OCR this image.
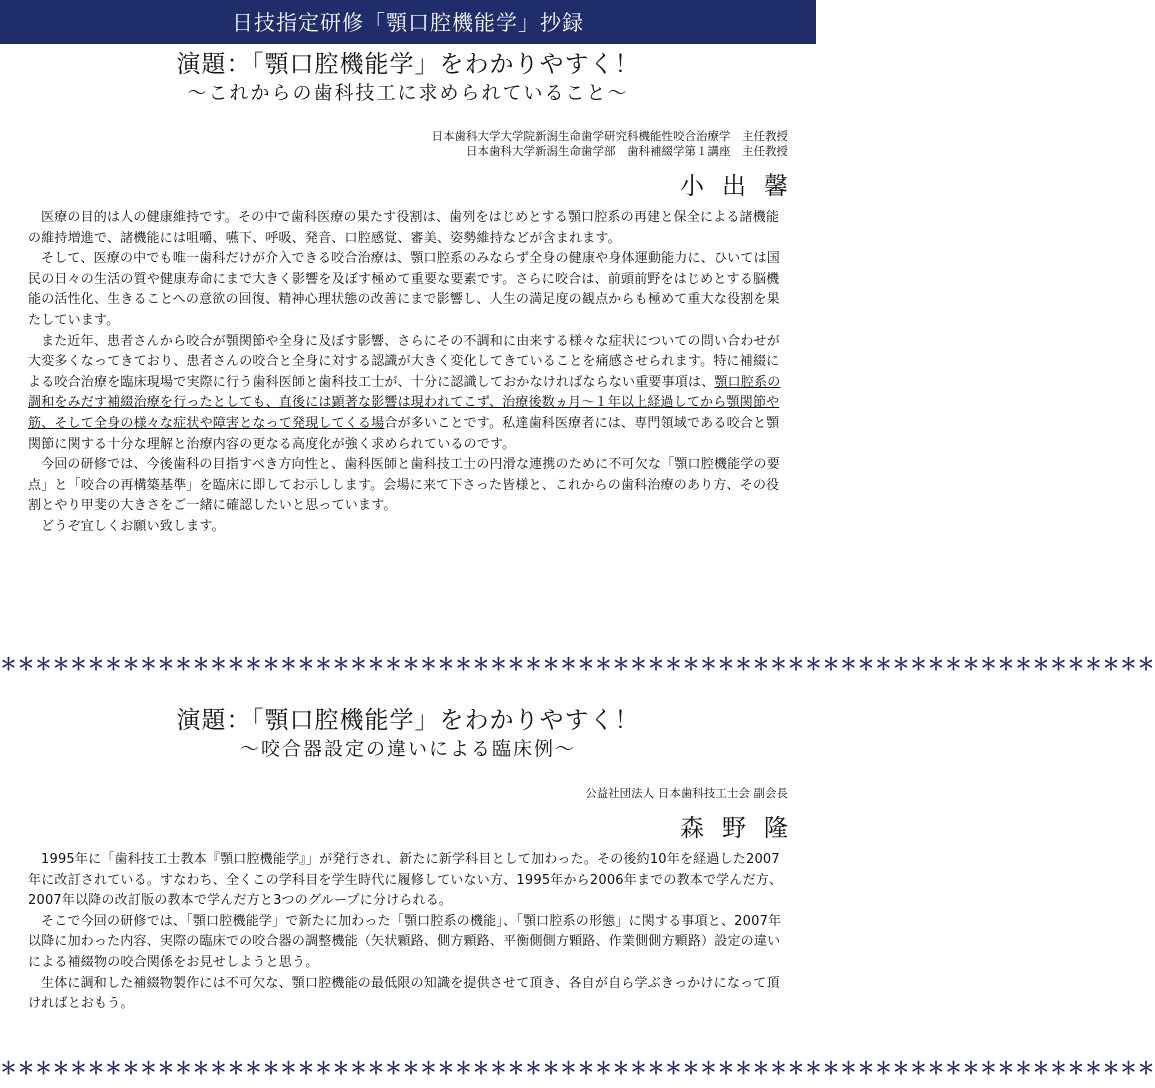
日技指定研修「顎口腔機能学」抄録
演題：「顎口腔機能学」をわかりやすく！
～これからの歯科技工に求められていること～
日本歯科大学大学院新潟生命歯学研究科機能性咬合治療学　主任教授
日本歯科大学新潟生命歯学部　歯科補綴学第１講座　主任教授
小出馨

医療の目的は人の健康維持です。その中で歯科医療の果たす役割は、歯列をはじめとする顎口腔系の再建と保全による諸機能の維持増進で、諸機能には咀嚼、嚥下、呼吸、発音、口腔感覚、審美、姿勢維持などが含まれます。

そして、医療の中でも唯一歯科だけが介入できる咬合治療は、顎口腔系のみならず全身の健康や身体運動能力に、ひいては国民の日々の生活の質や健康寿命にまで大きく影響を及ぼす極めて重要な要素です。さらに咬合は、前頭前野をはじめとする脳機能の活性化、生きることへの意欲の回復、精神心理状態の改善にまで影響し、人生の満足度の観点からも極めて重大な役割を果たしています。

また近年、患者さんから咬合が顎関節や全身に及ぼす影響、さらにその不調和に由来する様々な症状についての問い合わせが大変多くなってきており、患者さんの咬合と全身に対する認識が大きく変化してきていることを痛感させられます。特に補綴による咬合治療を臨床現場で実際に行う歯科医師と歯科技工士が、十分に認識しておかなければならない重要事項は、顎口腔系の調和をみだす補綴治療を行ったとしても、直後には顕著な影響は現われてこず、治療後数ヵ月～１年以上経過してから顎関節や筋、そして全身の様々な症状や障害となって発現してくる場合が多いことです。私達歯科医療者には、専門領域である咬合と顎関節に関する十分な理解と治療内容の更なる高度化が強く求められているのです。

今回の研修では、今後歯科の目指すべき方向性と、歯科医師と歯科技工士の円滑な連携のために不可欠な「顎口腔機能学の要点」と「咬合の再構築基準」を臨床に即してお示しします。会場に来て下さった皆様と、これからの歯科治療のあり方、その役割とやり甲斐の大きさをご一緒に確認したいと思っています。

どうぞ宜しくお願い致します。

＊＊＊＊＊＊＊＊＊＊＊＊＊＊＊＊＊＊＊＊＊＊＊＊＊＊＊＊＊＊＊＊＊＊＊＊＊＊＊＊＊＊＊＊＊＊＊＊＊＊＊＊＊＊＊＊＊＊＊＊＊＊＊＊＊＊
演題：「顎口腔機能学」をわかりやすく！
～咬合器設定の違いによる臨床例～
公益社団法人 日本歯科技工士会 副会長
森野隆

1995年に「歯科技工士教本『顎口腔機能学』」が発行され、新たに新学科目として加わった。その後約10年を経過した2007年に改訂されている。すなわち、全くこの学科目を学生時代に履修していない方、1995年から2006年までの教本で学んだ方、2007年以降の改訂版の教本で学んだ方と3つのグループに分けられる。

そこで今回の研修では、「顎口腔機能学」で新たに加わった「顎口腔系の機能」、「顎口腔系の形態」に関する事項と、2007年以降に加わった内容、実際の臨床での咬合器の調整機能（矢状顆路、側方顆路、平衡側側方顆路、作業側側方顆路）設定の違いによる補綴物の咬合関係をお見せしようと思う。

生体に調和した補綴物製作には不可欠な、顎口腔機能の最低限の知識を提供させて頂き、各自が自ら学ぶきっかけになって頂ければとおもう。

＊＊＊＊＊＊＊＊＊＊＊＊＊＊＊＊＊＊＊＊＊＊＊＊＊＊＊＊＊＊＊＊＊＊＊＊＊＊＊＊＊＊＊＊＊＊＊＊＊＊＊＊＊＊＊＊＊＊＊＊＊＊＊＊＊＊
